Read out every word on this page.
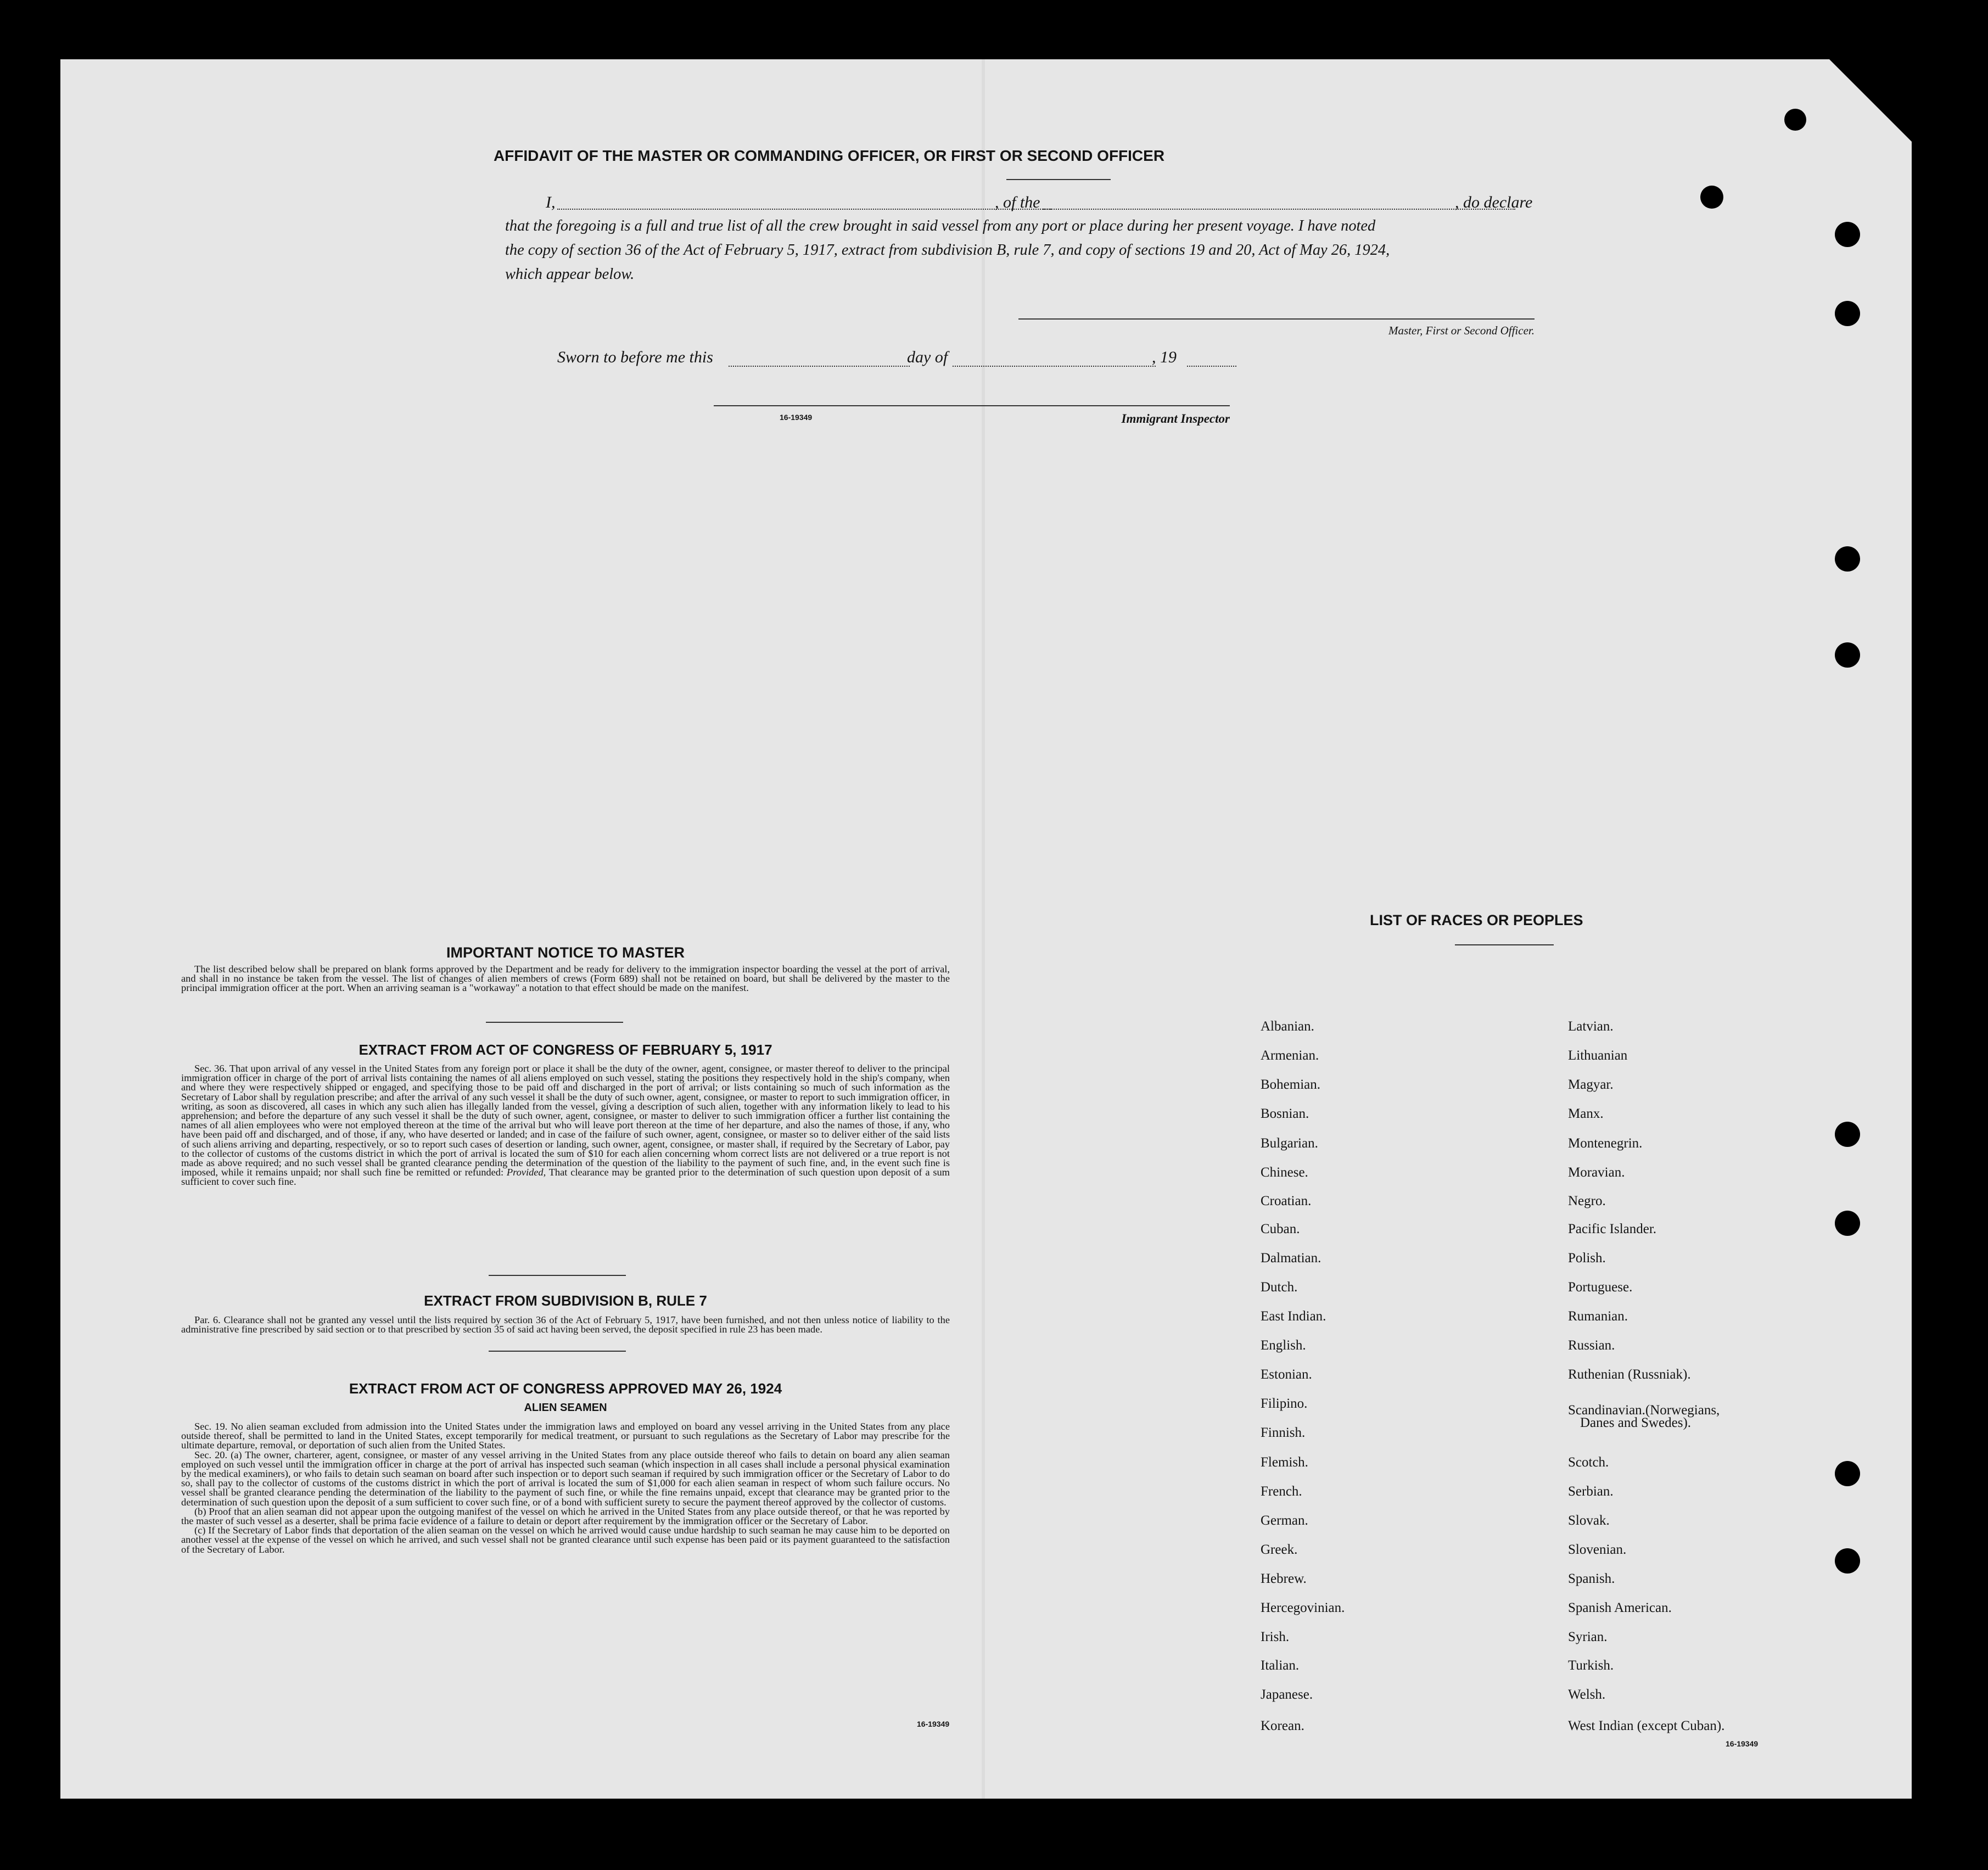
AFFIDAVIT OF THE MASTER OR COMMANDING OFFICER, OR FIRST OR SECOND OFFICER
I,	, of the	, do declare
that the foregoing is a full and true list of all the crew brought in said vessel from any port or place during her present voyage. I have noted
the copy of section 36 of the Act of February 5, 1917, extract from subdivision B, rule 7, and copy of sections 19 and 20, Act of May 26, 1924,
which appear below.
Master, First or Second Officer.
Sworn to before me this	day of	, 19
16-19349	Immigrant Inspector
IMPORTANT NOTICE TO MASTER

The list described below shall be prepared on blank forms approved by the Department and be ready for delivery to the immigration inspector boarding the vessel at the port of arrival, and shall in no instance be taken from the vessel. The list of changes of alien members of crews (Form 689) shall not be retained on board, but shall be delivered by the master to the principal immigration officer at the port. When an arriving seaman is a "workaway" a notation to that effect should be made on the manifest.

EXTRACT FROM ACT OF CONGRESS OF FEBRUARY 5, 1917

Sec. 36. That upon arrival of any vessel in the United States from any foreign port or place it shall be the duty of the owner, agent, consignee, or master thereof to deliver to the principal immigration officer in charge of the port of arrival lists containing the names of all aliens employed on such vessel, stating the positions they respectively hold in the ship's company, when and where they were respectively shipped or engaged, and specifying those to be paid off and discharged in the port of arrival; or lists containing so much of such information as the Secretary of Labor shall by regulation prescribe; and after the arrival of any such vessel it shall be the duty of such owner, agent, consignee, or master to report to such immigration officer, in writing, as soon as discovered, all cases in which any such alien has illegally landed from the vessel, giving a description of such alien, together with any information likely to lead to his apprehension; and before the departure of any such vessel it shall be the duty of such owner, agent, consignee, or master to deliver to such immigration officer a further list containing the names of all alien employees who were not employed thereon at the time of the arrival but who will leave port thereon at the time of her departure, and also the names of those, if any, who have been paid off and discharged, and of those, if any, who have deserted or landed; and in case of the failure of such owner, agent, consignee, or master so to deliver either of the said lists of such aliens arriving and departing, respectively, or so to report such cases of desertion or landing, such owner, agent, consignee, or master shall, if required by the Secretary of Labor, pay to the collector of customs of the customs district in which the port of arrival is located the sum of $10 for each alien concerning whom correct lists are not delivered or a true report is not made as above required; and no such vessel shall be granted clearance pending the determination of the question of the liability to the payment of such fine, and, in the event such fine is imposed, while it remains unpaid; nor shall such fine be remitted or refunded: Provided, That clearance may be granted prior to the determination of such question upon deposit of a sum sufficient to cover such fine.

EXTRACT FROM SUBDIVISION B, RULE 7

Par. 6. Clearance shall not be granted any vessel until the lists required by section 36 of the Act of February 5, 1917, have been furnished, and not then unless notice of liability to the administrative fine prescribed by said section or to that prescribed by section 35 of said act having been served, the deposit specified in rule 23 has been made.

EXTRACT FROM ACT OF CONGRESS APPROVED MAY 26, 1924
ALIEN SEAMEN

Sec. 19. No alien seaman excluded from admission into the United States under the immigration laws and employed on board any vessel arriving in the United States from any place outside thereof, shall be permitted to land in the United States, except temporarily for medical treatment, or pursuant to such regulations as the Secretary of Labor may prescribe for the ultimate departure, removal, or deportation of such alien from the United States.

Sec. 20. (a) The owner, charterer, agent, consignee, or master of any vessel arriving in the United States from any place outside thereof who fails to detain on board any alien seaman employed on such vessel until the immigration officer in charge at the port of arrival has inspected such seaman (which inspection in all cases shall include a personal physical examination by the medical examiners), or who fails to detain such seaman on board after such inspection or to deport such seaman if required by such immigration officer or the Secretary of Labor to do so, shall pay to the collector of customs of the customs district in which the port of arrival is located the sum of $1,000 for each alien seaman in respect of whom such failure occurs. No vessel shall be granted clearance pending the determination of the liability to the payment of such fine, or while the fine remains unpaid, except that clearance may be granted prior to the determination of such question upon the deposit of a sum sufficient to cover such fine, or of a bond with sufficient surety to secure the payment thereof approved by the collector of customs.

(b) Proof that an alien seaman did not appear upon the outgoing manifest of the vessel on which he arrived in the United States from any place outside thereof, or that he was reported by the master of such vessel as a deserter, shall be prima facie evidence of a failure to detain or deport after requirement by the immigration officer or the Secretary of Labor.

(c) If the Secretary of Labor finds that deportation of the alien seaman on the vessel on which he arrived would cause undue hardship to such seaman he may cause him to be deported on another vessel at the expense of the vessel on which he arrived, and such vessel shall not be granted clearance until such expense has been paid or its payment guaranteed to the satisfaction of the Secretary of Labor.

16-19349
LIST OF RACES OR PEOPLES
Albanian.
Armenian.
Bohemian.
Bosnian.
Bulgarian.
Chinese.
Croatian.
Cuban.
Dalmatian.
Dutch.
East Indian.
English.
Estonian.
Filipino.
Finnish.
Flemish.
French.
German.
Greek.
Hebrew.
Hercegovinian.
Irish.
Italian.
Japanese.
Korean.
Latvian.
Lithuanian
Magyar.
Manx.
Montenegrin.
Moravian.
Negro.
Pacific Islander.
Polish.
Portuguese.
Rumanian.
Russian.
Ruthenian (Russniak).
Scandinavian.(Norwegians,
Danes and Swedes).
Scotch.
Serbian.
Slovak.
Slovenian.
Spanish.
Spanish American.
Syrian.
Turkish.
Welsh.
West Indian (except Cuban).
16-19349
